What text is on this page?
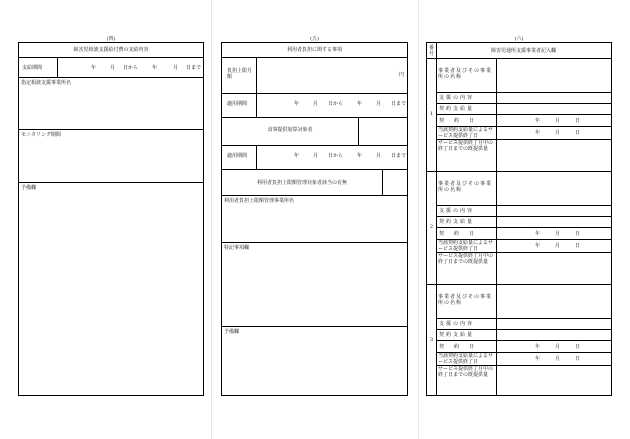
(四)
障害児相談支援給付費の支給内容
支給期間	年	月 日から	年	月 日まで
指定相談支援事業所名
モニタリング期間
予備欄
(五)
利用者負担に関する事項
負担上限月額	円
適用期間	年	月 日から	年	月 日まで
食事提供加算対象者
適用期間	年	月 日から	年	月 日まで
利用者負担上限額管理対象者該当の有無
利用者負担上限額管理事業所名
特記事項欄
予備欄
(六)
番号	障害児通所支援事業者記入欄
1
事業者及びその事業所の名称
支援の内容
契約支給量
契約日	年	月	日
当該契約支給量によるサービス提供終了日	年	月	日
サービス提供終了月中の終了日までの既提供量
2
事業者及びその事業所の名称
支援の内容
契約支給量
契約日	年	月	日
当該契約支給量によるサービス提供終了日	年	月	日
サービス提供終了月中の終了日までの既提供量
3
事業者及びその事業所の名称
支援の内容
契約支給量
契約日	年	月	日
当該契約支給量によるサービス提供終了日	年	月	日
サービス提供終了月中の終了日までの既提供量
